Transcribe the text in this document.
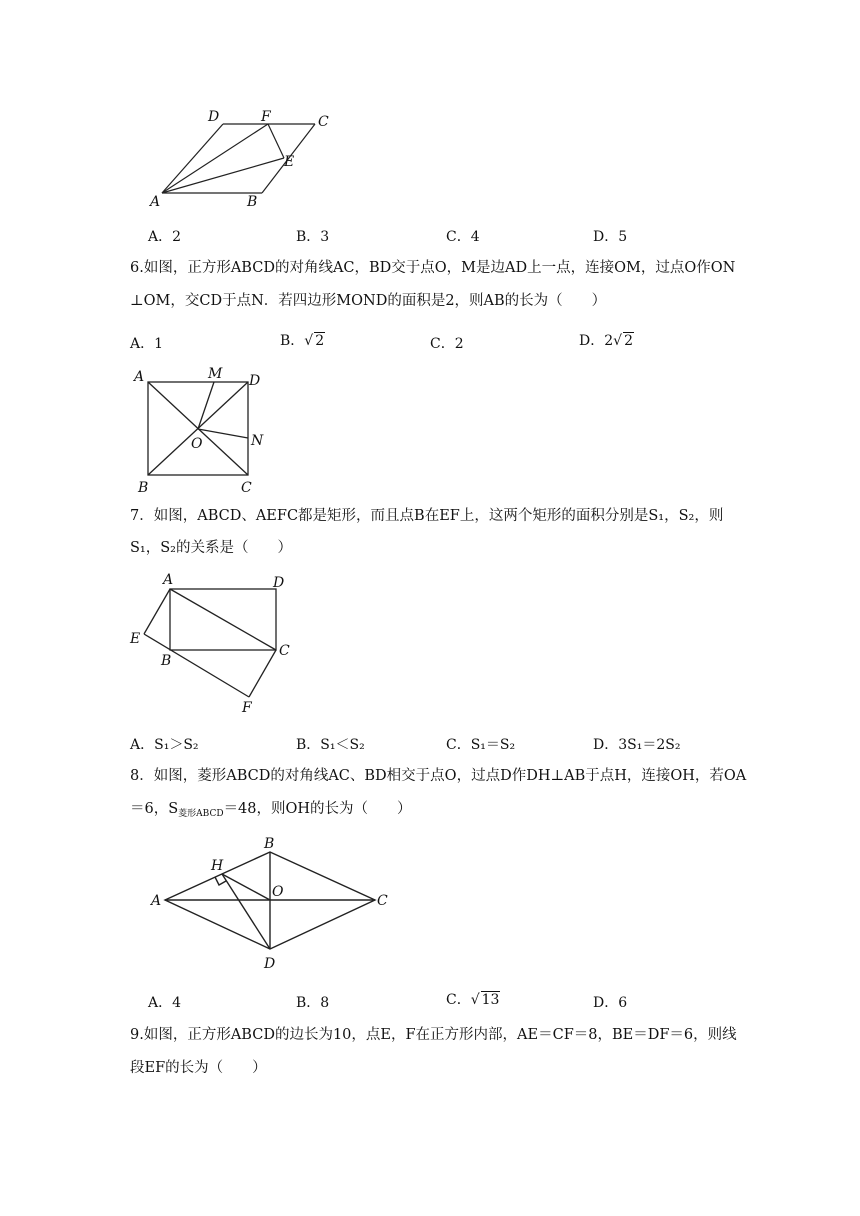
D	F	C
E
A	B
A．2	B．3	C．4	D．5
6.如图，正方形ABCD的对角线AC，BD交于点O，M是边AD上一点，连接OM，过点O作ON
⊥OM，交CD于点N．若四边形MOND的面积是2，则AB的长为（　　）
A．1	B．√ 2	C．2	D．2√ 2
A	M D
O	N
B	C
7．如图，ABCD、AEFC都是矩形，而且点B在EF上，这两个矩形的面积分别是S₁，S₂，则
S₁，S₂的关系是（　　）
A	D
E
B
C
F
A．S₁＞S₂	B．S₁＜S₂	C．S₁＝S₂	D．3S₁＝2S₂
8．如图，菱形ABCD的对角线AC、BD相交于点O，过点D作DH⊥AB于点H，连接OH，若OA
＝6，$S_{菱形ABCD}=48$，则OH的长为（　　）
B
H
O
A	C
D
A．4	B．8	C．√ 13	D．6
9.如图，正方形ABCD的边长为10，点E，F在正方形内部，AE＝CF＝8，BE＝DF＝6，则线
段EF的长为（　　）
